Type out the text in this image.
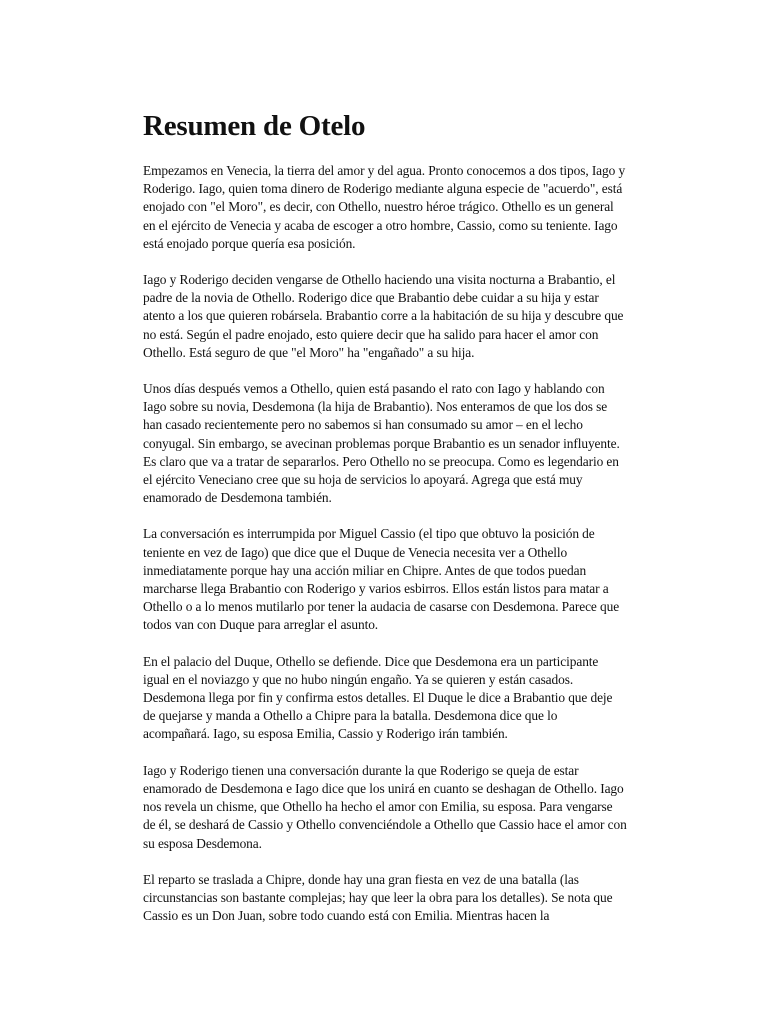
Resumen de Otelo

Empezamos en Venecia, la tierra del amor y del agua. Pronto conocemos a dos tipos, Iago y Roderigo. Iago, quien toma dinero de Roderigo mediante alguna especie de "acuerdo", está enojado con "el Moro", es decir, con Othello, nuestro héroe trágico. Othello es un general en el ejército de Venecia y acaba de escoger a otro hombre, Cassio, como su teniente. Iago está enojado porque quería esa posición.

Iago y Roderigo deciden vengarse de Othello haciendo una visita nocturna a Brabantio, el padre de la novia de Othello. Roderigo dice que Brabantio debe cuidar a su hija y estar atento a los que quieren robársela. Brabantio corre a la habitación de su hija y descubre que no está. Según el padre enojado, esto quiere decir que ha salido para hacer el amor con Othello. Está seguro de que "el Moro" ha "engañado" a su hija.

Unos días después vemos a Othello, quien está pasando el rato con Iago y hablando con Iago sobre su novia, Desdemona (la hija de Brabantio). Nos enteramos de que los dos se han casado recientemente pero no sabemos si han consumado su amor – en el lecho conyugal. Sin embargo, se avecinan problemas porque Brabantio es un senador influyente. Es claro que va a tratar de separarlos. Pero Othello no se preocupa. Como es legendario en el ejército Veneciano cree que su hoja de servicios lo apoyará. Agrega que está muy enamorado de Desdemona también.

La conversación es interrumpida por Miguel Cassio (el tipo que obtuvo la posición de teniente en vez de Iago) que dice que el Duque de Venecia necesita ver a Othello inmediatamente porque hay una acción miliar en Chipre. Antes de que todos puedan marcharse llega Brabantio con Roderigo y varios esbirros. Ellos están listos para matar a Othello o a lo menos mutilarlo por tener la audacia de casarse con Desdemona. Parece que todos van con Duque para arreglar el asunto.

En el palacio del Duque, Othello se defiende. Dice que Desdemona era un participante igual en el noviazgo y que no hubo ningún engaño. Ya se quieren y están casados. Desdemona llega por fin y confirma estos detalles. El Duque le dice a Brabantio que deje de quejarse y manda a Othello a Chipre para la batalla. Desdemona dice que lo acompañará. Iago, su esposa Emilia, Cassio y Roderigo irán también.

Iago y Roderigo tienen una conversación durante la que Roderigo se queja de estar enamorado de Desdemona e Iago dice que los unirá en cuanto se deshagan de Othello. Iago nos revela un chisme, que Othello ha hecho el amor con Emilia, su esposa. Para vengarse de él, se deshará de Cassio y Othello convenciéndole a Othello que Cassio hace el amor con su esposa Desdemona.

El reparto se traslada a Chipre, donde hay una gran fiesta en vez de una batalla (las circunstancias son bastante complejas; hay que leer la obra para los detalles). Se nota que Cassio es un Don Juan, sobre todo cuando está con Emilia. Mientras hacen la
